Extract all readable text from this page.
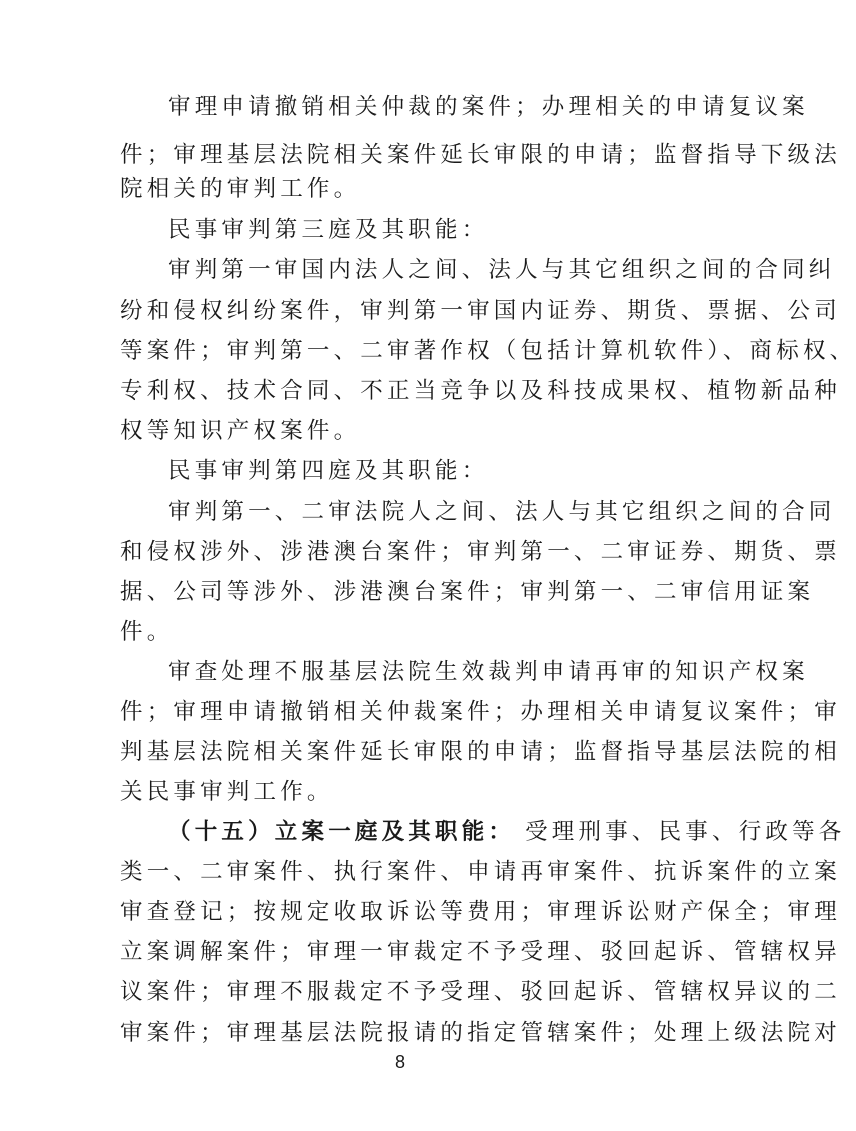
审理申请撤销相关仲裁的案件；办理相关的申请复议案
件；审理基层法院相关案件延长审限的申请；监督指导下级法
院相关的审判工作。
民事审判第三庭及其职能：
审判第一审国内法人之间、法人与其它组织之间的合同纠
纷和侵权纠纷案件，审判第一审国内证券、期货、票据、公司
等案件；审判第一、二审著作权（包括计算机软件）、商标权、
专利权、技术合同、不正当竞争以及科技成果权、植物新品种
权等知识产权案件。
民事审判第四庭及其职能：
审判第一、二审法院人之间、法人与其它组织之间的合同
和侵权涉外、涉港澳台案件；审判第一、二审证券、期货、票
据、公司等涉外、涉港澳台案件；审判第一、二审信用证案
件。
审查处理不服基层法院生效裁判申请再审的知识产权案
件；审理申请撤销相关仲裁案件；办理相关申请复议案件；审
判基层法院相关案件延长审限的申请；监督指导基层法院的相
关民事审判工作。
（十五）立案一庭及其职能： 受理刑事、民事、行政等各
类一、二审案件、执行案件、申请再审案件、抗诉案件的立案
审查登记；按规定收取诉讼等费用；审理诉讼财产保全；审理
立案调解案件；审理一审裁定不予受理、驳回起诉、管辖权异
议案件；审理不服裁定不予受理、驳回起诉、管辖权异议的二
审案件；审理基层法院报请的指定管辖案件；处理上级法院对
8
